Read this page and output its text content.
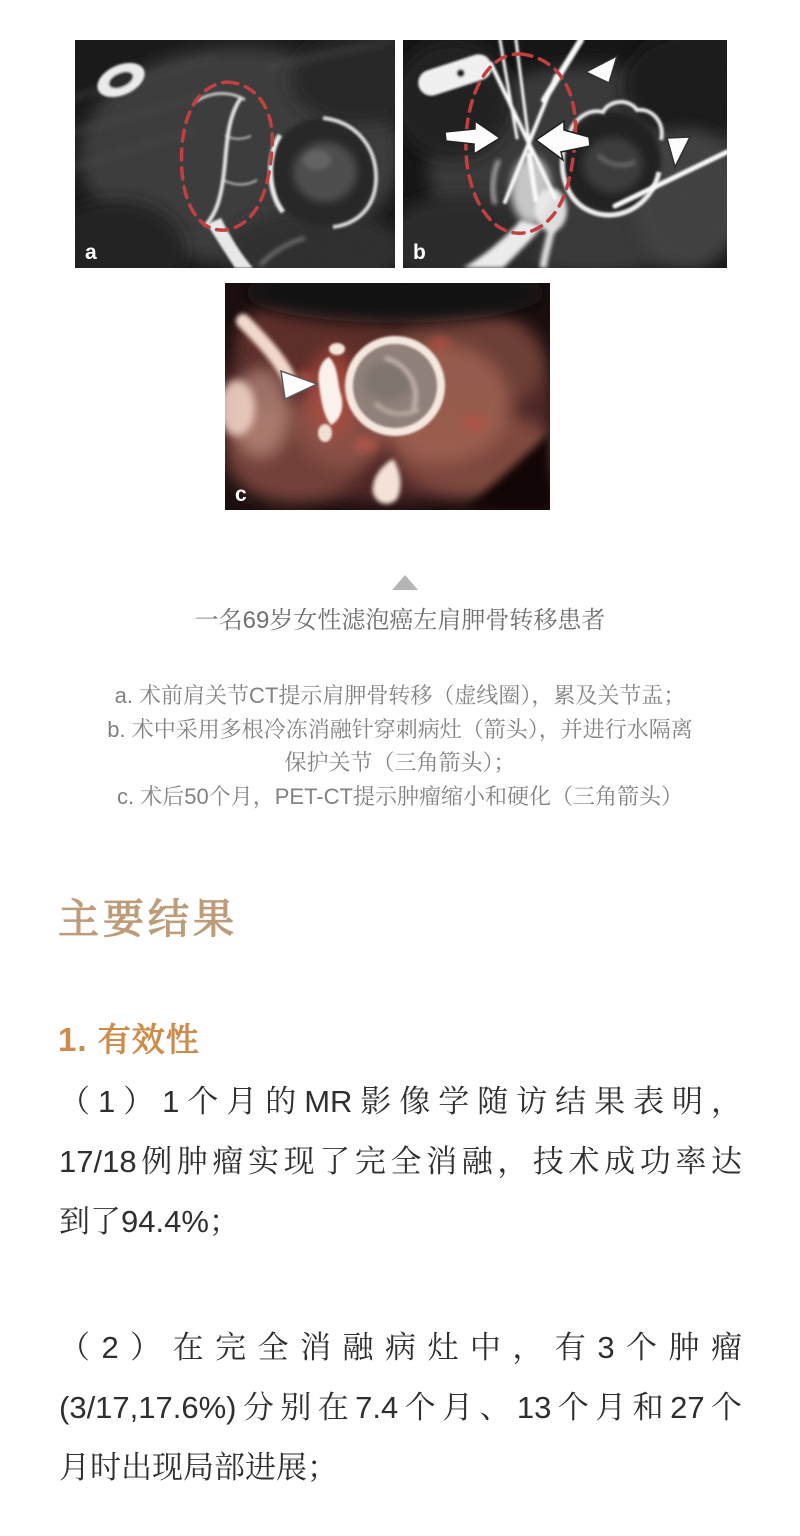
a	b
c
一名69岁女性滤泡癌左肩胛骨转移患者
a. 术前肩关节CT提示肩胛骨转移（虚线圈），累及关节盂；
b. 术中采用多根冷冻消融针穿刺病灶（箭头），并进行水隔离
保护关节（三角箭头）；
c. 术后50个月，PET-CT提示肿瘤缩小和硬化（三角箭头）
主要结果
1. 有效性
（1）1个月的MR影像学随访结果表明，
17/18例肿瘤实现了完全消融，技术成功率达
到了94.4%；
（2）在完全消融病灶中，有3个肿瘤
(3/17,17.6%)分别在7.4个月、13个月和27个
月时出现局部进展；
